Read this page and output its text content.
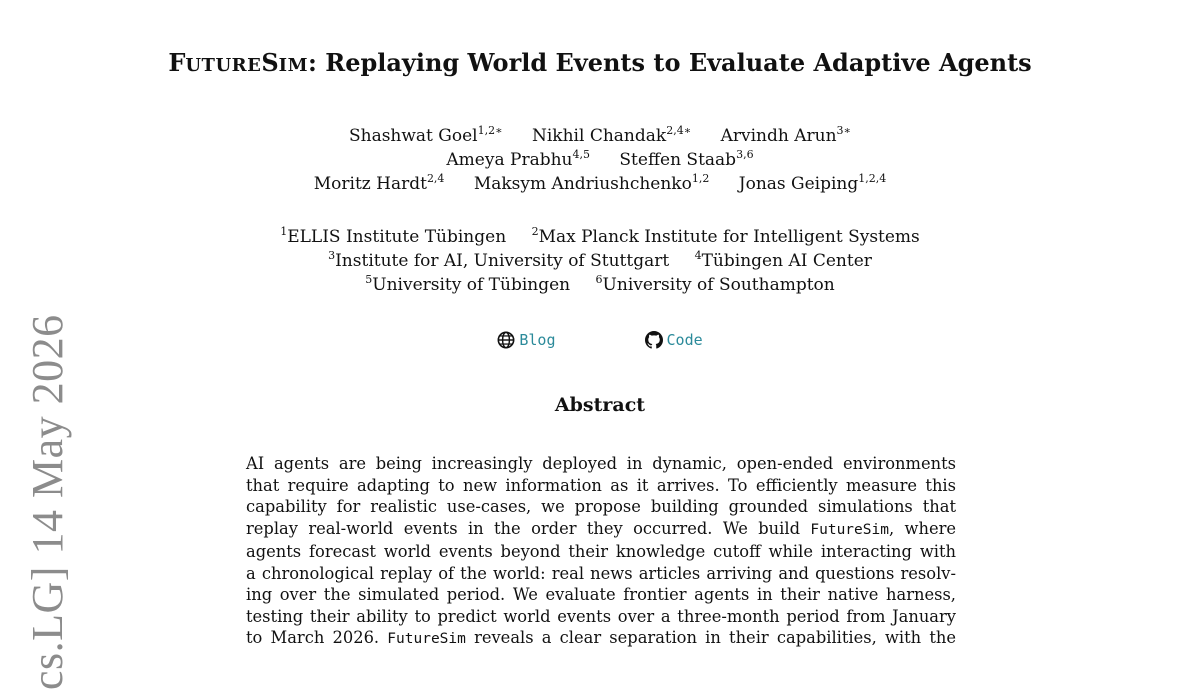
cs.LG] 14 May 2026
FUTURESIM: Replaying World Events to Evaluate Adaptive Agents
Shashwat Goel$^{1,2∗}$ Nikhil Chandak$^{2,4∗}$ Arvindh Arun$^{3∗}$
Ameya Prabhu$^{4,5}$ Steffen Staab$^{3,6}$
Moritz Hardt$^{2,4}$ Maksym Andriushchenko$^{1,2}$ Jonas Geiping$^{1,2,4}$
$^1$ELLIS Institute Tübingen $^2$Max Planck Institute for Intelligent Systems
$^3$Institute for AI, University of Stuttgart $^4$Tübingen AI Center
$^5$University of Tübingen $^6$University of Southampton
Blog
	Code
Abstract
AI agents are being increasingly deployed in dynamic, open-ended environments
that require adapting to new information as it arrives. To efficiently measure this
capability for realistic use-cases, we propose building grounded simulations that
replay real-world events in the order they occurred. We build FutureSim, where
agents forecast world events beyond their knowledge cutoff while interacting with
a chronological replay of the world: real news articles arriving and questions resolv-
ing over the simulated period. We evaluate frontier agents in their native harness,
testing their ability to predict world events over a three-month period from January
to March 2026. FutureSim reveals a clear separation in their capabilities, with the
